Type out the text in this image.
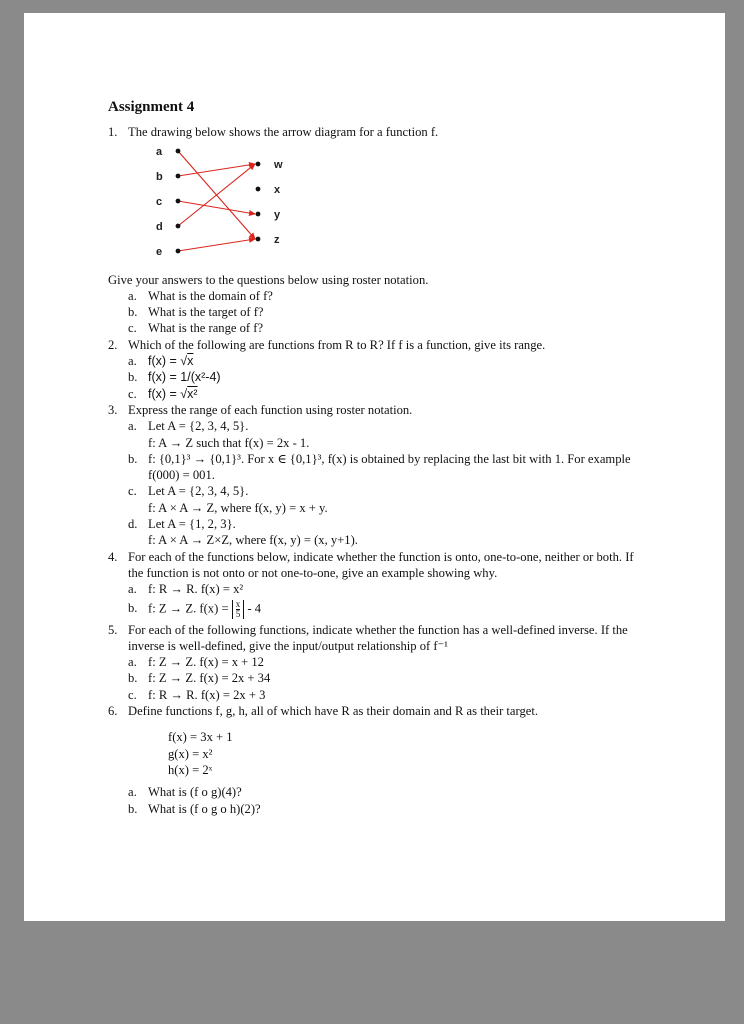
Assignment 4
1. The drawing below shows the arrow diagram for a function f.
a
b
c
d
e
w
x
y
z
Give your answers to the questions below using roster notation.
a. What is the domain of f?
b. What is the target of f?
c. What is the range of f?
2. Which of the following are functions from R to R? If f is a function, give its range.
a. f(x) = √x
b. f(x) = 1/(x²-4)
c. f(x) = √x²
3. Express the range of each function using roster notation.
a. Let A = {2, 3, 4, 5}.
f: A → Z such that f(x) = 2x - 1.
b. f: {0,1}³ → {0,1}³. For x ∈ {0,1}³, f(x) is obtained by replacing the last bit with 1. For example f(000) = 001.
c. Let A = {2, 3, 4, 5}.
f: A × A → Z, where f(x, y) = x + y.
d. Let A = {1, 2, 3}.
f: A × A → Z×Z, where f(x, y) = (x, y+1).
4. For each of the functions below, indicate whether the function is onto, one-to-one, neither or both. If the function is not onto or not one-to-one, give an example showing why.
a. f: R → R. f(x) = x²
b. f: Z → Z. $f(x) = \frac{x}{5} - 4$
5. For each of the following functions, indicate whether the function has a well-defined inverse. If the inverse is well-defined, give the input/output relationship of f⁻¹
a. f: Z → Z. f(x) = x + 12
b. f: Z → Z. f(x) = 2x + 34
c. f: R → R. f(x) = 2x + 3
6. Define functions f, g, h, all of which have R as their domain and R as their target.
f(x) = 3x + 1
g(x) = x²
h(x) = 2ˣ
a. What is (f o g)(4)?
b. What is (f o g o h)(2)?
